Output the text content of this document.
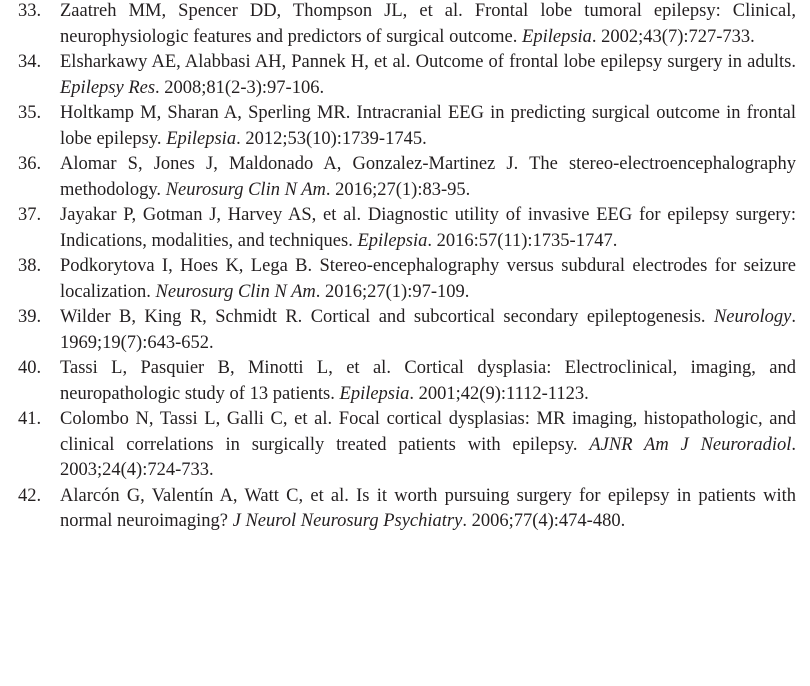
33.	Zaatreh MM, Spencer DD, Thompson JL, et al. Frontal lobe tumoral epilepsy: Clinical, neurophysiologic features and predictors of surgical outcome. Epilepsia. 2002;43(7):727-733.
34.	Elsharkawy AE, Alabbasi AH, Pannek H, et al. Outcome of frontal lobe epilepsy surgery in adults. Epilepsy Res. 2008;81(2-3):97-106.
35.	Holtkamp M, Sharan A, Sperling MR. Intracranial EEG in predicting surgical outcome in frontal lobe epilepsy. Epilepsia. 2012;53(10):1739-1745.
36.	Alomar S, Jones J, Maldonado A, Gonzalez-Martinez J. The stereo-electroencephalography methodology. Neurosurg Clin N Am. 2016;27(1):83-95.
37.	Jayakar P, Gotman J, Harvey AS, et al. Diagnostic utility of invasive EEG for epilepsy surgery: Indications, modalities, and techniques. Epilepsia. 2016:57(11):1735-1747.
38.	Podkorytova I, Hoes K, Lega B. Stereo-encephalography versus subdural electrodes for seizure localization. Neurosurg Clin N Am. 2016;27(1):97-109.
39.	Wilder B, King R, Schmidt R. Cortical and subcortical secondary epileptogenesis. Neurology. 1969;19(7):643-652.
40.	Tassi L, Pasquier B, Minotti L, et al. Cortical dysplasia: Electroclinical, imaging, and neuropathologic study of 13 patients. Epilepsia. 2001;42(9):1112-1123.
41.	Colombo N, Tassi L, Galli C, et al. Focal cortical dysplasias: MR imaging, histopathologic, and clinical correlations in surgically treated patients with epilepsy. AJNR Am J Neuroradiol. 2003;24(4):724-733.
42.	Alarcón G, Valentín A, Watt C, et al. Is it worth pursuing surgery for epilepsy in patients with normal neuroimaging? J Neurol Neurosurg Psychiatry. 2006;77(4):474-480.
